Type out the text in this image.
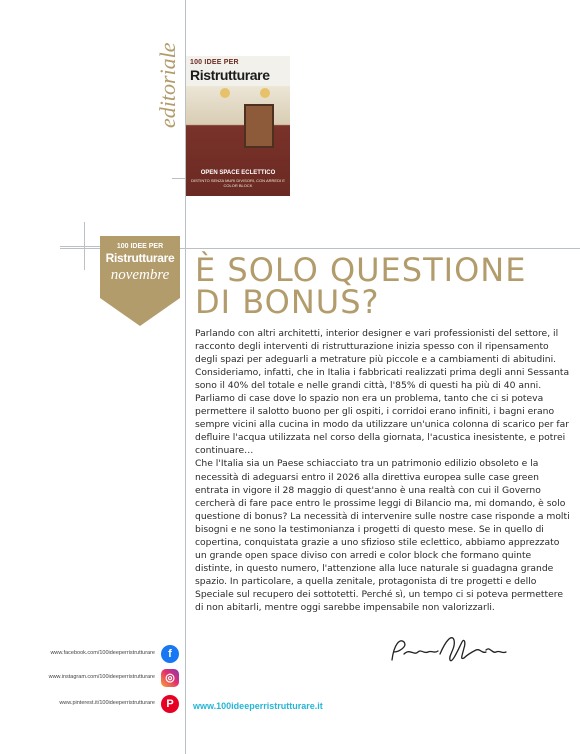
editoriale 100 IDEE PER
Ristrutturare
OPEN SPACE ECLETTICO
DISTINTO SENZA MURI DIVISORI, CON ARREDI E COLOR BLOCK
100 IDEE PER
Ristrutturare
novembre È SOLO QUESTIONE
DI BONUS?

Parlando con altri architetti, interior designer e vari professionisti del settore, il racconto degli interventi di ristrutturazione inizia spesso con il ripensamento degli spazi per adeguarli a metrature più piccole e a cambiamenti di abitudini. Consideriamo, infatti, che in Italia i fabbricati realizzati prima degli anni Sessanta sono il 40% del totale e nelle grandi città, l'85% di questi ha più di 40 anni. Parliamo di case dove lo spazio non era un problema, tanto che ci si poteva permettere il salotto buono per gli ospiti, i corridoi erano infiniti, i bagni erano sempre vicini alla cucina in modo da utilizzare un'unica colonna di scarico per far defluire l'acqua utilizzata nel corso della giornata, l'acustica inesistente, e potrei continuare…

Che l'Italia sia un Paese schiacciato tra un patrimonio edilizio obsoleto e la necessità di adeguarsi entro il 2026 alla direttiva europea sulle case green entrata in vigore il 28 maggio di quest'anno è una realtà con cui il Governo cercherà di fare pace entro le prossime leggi di Bilancio ma, mi domando, è solo questione di bonus? La necessità di intervenire sulle nostre case risponde a molti bisogni e ne sono la testimonianza i progetti di questo mese. Se in quello di copertina, conquistata grazie a uno sfizioso stile eclettico, abbiamo apprezzato un grande open space diviso con arredi e color block che formano quinte distinte, in questo numero, l'attenzione alla luce naturale si guadagna grande spazio. In particolare, a quella zenitale, protagonista di tre progetti e dello Speciale sul recupero dei sottotetti. Perché sì, un tempo ci si poteva permettere di non abitarli, mentre oggi sarebbe impensabile non valorizzarli.

www.facebook.com/100ideeperristrutturare	f
www.instagram.com/100ideeperristrutturare ◎
www.pinterest.it/100ideeperristrutturare	P	www.100ideeperristrutturare.it
